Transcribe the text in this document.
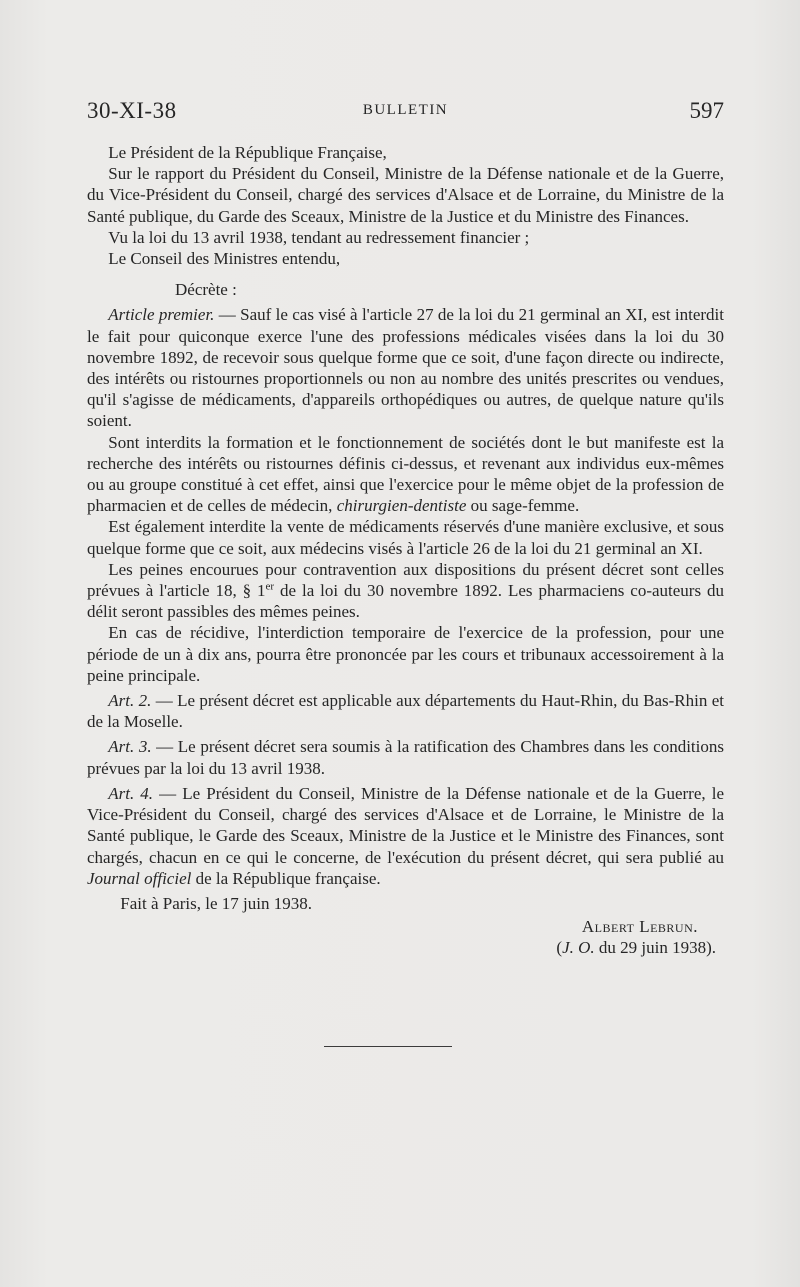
30-XI-38	BULLETIN	597

Le Président de la République Française,

Sur le rapport du Président du Conseil, Ministre de la Défense nationale et de la Guerre, du Vice-Président du Conseil, chargé des services d'Alsace et de Lorraine, du Ministre de la Santé publique, du Garde des Sceaux, Ministre de la Justice et du Ministre des Finances.

Vu la loi du 13 avril 1938, tendant au redressement financier ;

Le Conseil des Ministres entendu,

Décrète :

Article premier. — Sauf le cas visé à l'article 27 de la loi du 21 germinal an XI, est interdit le fait pour quiconque exerce l'une des professions médicales visées dans la loi du 30 novembre 1892, de recevoir sous quelque forme que ce soit, d'une façon directe ou indirecte, des intérêts ou ristournes proportionnels ou non au nombre des unités prescrites ou vendues, qu'il s'agisse de médicaments, d'appareils orthopédiques ou autres, de quelque nature qu'ils soient.

Sont interdits la formation et le fonctionnement de sociétés dont le but manifeste est la recherche des intérêts ou ristournes définis ci-dessus, et revenant aux individus eux-mêmes ou au groupe constitué à cet effet, ainsi que l'exercice pour le même objet de la profession de pharmacien et de celles de médecin, chirurgien-dentiste ou sage-femme.

Est également interdite la vente de médicaments réservés d'une manière exclusive, et sous quelque forme que ce soit, aux médecins visés à l'article 26 de la loi du 21 germinal an XI.

Les peines encourues pour contravention aux dispositions du présent décret sont celles prévues à l'article 18, § 1er de la loi du 30 novembre 1892. Les pharmaciens co-auteurs du délit seront passibles des mêmes peines.

En cas de récidive, l'interdiction temporaire de l'exercice de la profession, pour une période de un à dix ans, pourra être prononcée par les cours et tribunaux accessoirement à la peine principale.

Art. 2. — Le présent décret est applicable aux départements du Haut-Rhin, du Bas-Rhin et de la Moselle.

Art. 3. — Le présent décret sera soumis à la ratification des Chambres dans les conditions prévues par la loi du 13 avril 1938.

Art. 4. — Le Président du Conseil, Ministre de la Défense nationale et de la Guerre, le Vice-Président du Conseil, chargé des services d'Alsace et de Lorraine, le Ministre de la Santé publique, le Garde des Sceaux, Ministre de la Justice et le Ministre des Finances, sont chargés, chacun en ce qui le concerne, de l'exécution du présent décret, qui sera publié au Journal officiel de la République française.

Fait à Paris, le 17 juin 1938.

Albert Lebrun.

(J. O. du 29 juin 1938).
